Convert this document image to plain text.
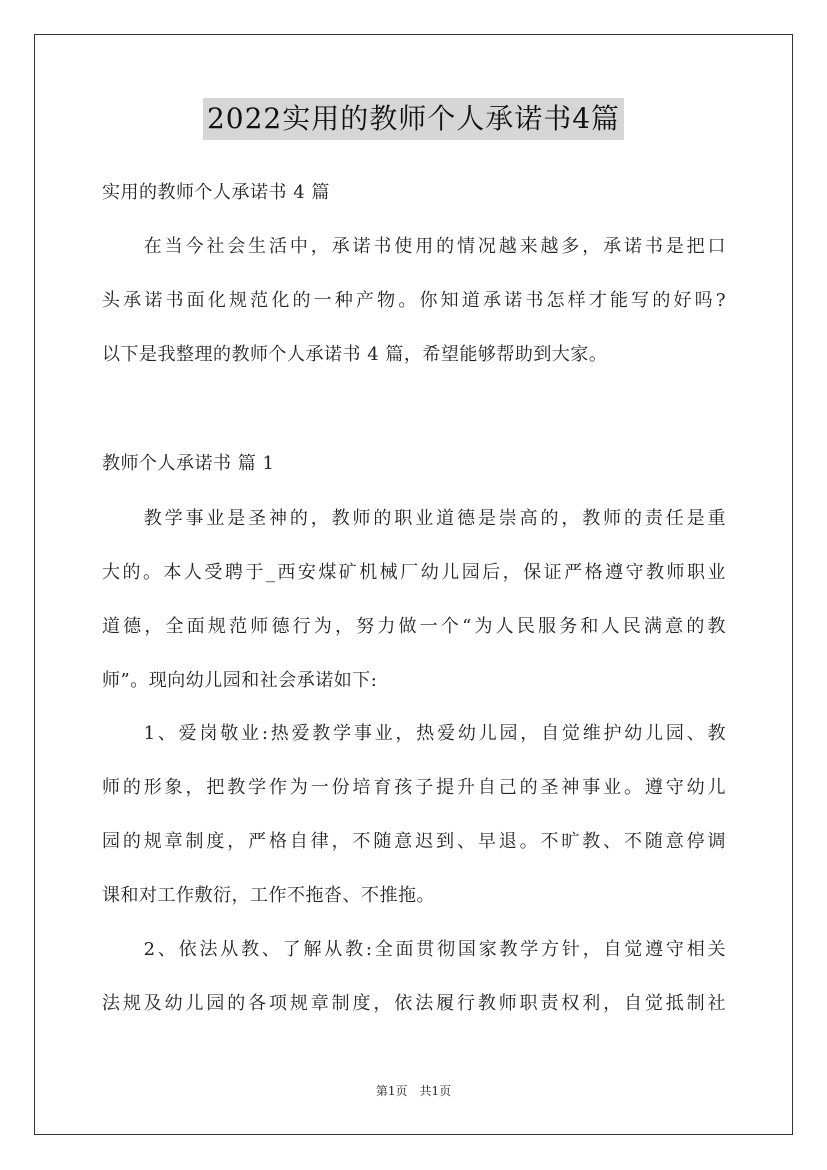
2022实用的教师个人承诺书4篇
实用的教师个人承诺书 4 篇
　　在当今社会生活中，承诺书使用的情况越来越多，承诺书是把口
头承诺书面化规范化的一种产物。你知道承诺书怎样才能写的好吗?
以下是我整理的教师个人承诺书 4 篇，希望能够帮助到大家。
教师个人承诺书 篇 1
　　教学事业是圣神的，教师的职业道德是崇高的，教师的责任是重
大的。本人受聘于_西安煤矿机械厂幼儿园后，保证严格遵守教师职业
道德，全面规范师德行为，努力做一个“为人民服务和人民满意的教
师”。现向幼儿园和社会承诺如下:
　　1、爱岗敬业:热爱教学事业，热爱幼儿园，自觉维护幼儿园、教
师的形象，把教学作为一份培育孩子提升自己的圣神事业。遵守幼儿
园的规章制度，严格自律，不随意迟到、早退。不旷教、不随意停调
课和对工作敷衍，工作不拖沓、不推拖。
　　2、依法从教、了解从教:全面贯彻国家教学方针，自觉遵守相关
法规及幼儿园的各项规章制度，依法履行教师职责权利，自觉抵制社
第1页　共1页
